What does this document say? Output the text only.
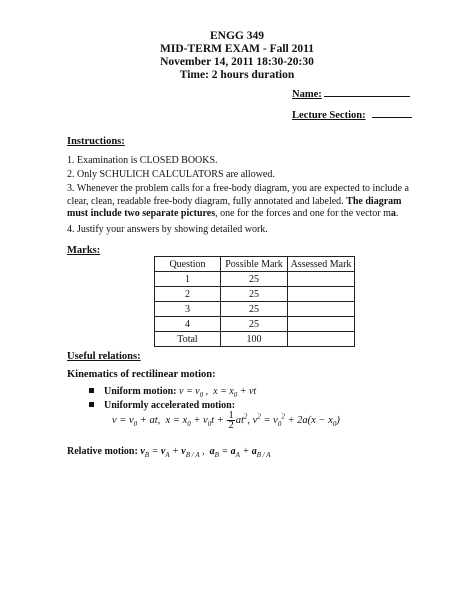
ENGG 349
MID-TERM EXAM - Fall 2011
November 14, 2011 18:30-20:30
Time: 2 hours duration
Name:
Lecture Section:
Instructions:
1. Examination is CLOSED BOOKS.
2. Only SCHULICH CALCULATORS are allowed.
3. Whenever the problem calls for a free-body diagram, you are expected to include a clear, clean, readable free-body diagram, fully annotated and labeled. The diagram must include two separate pictures, one for the forces and one for the vector ma.
4. Justify your answers by showing detailed work.
Marks:
Question	Possible Mark	Assessed Mark
1	25	
2	25	
3	25	
4	25	
Total	100	
Useful relations:
Kinematics of rectilinear motion:
Uniform motion: $v = v_0$ ,  $x = x_0$ + vt
Uniformly accelerated motion:
$v = v_0$ + at,  $x = x_0 + v_0t + \frac{1}{2} at^2$, $v^2 = v_0^2 + 2a(x - x_0)$
Relative motion: $v_B = v_A + v_{B / A}$ ,  $a_B = a_A + a_{B / A}$
